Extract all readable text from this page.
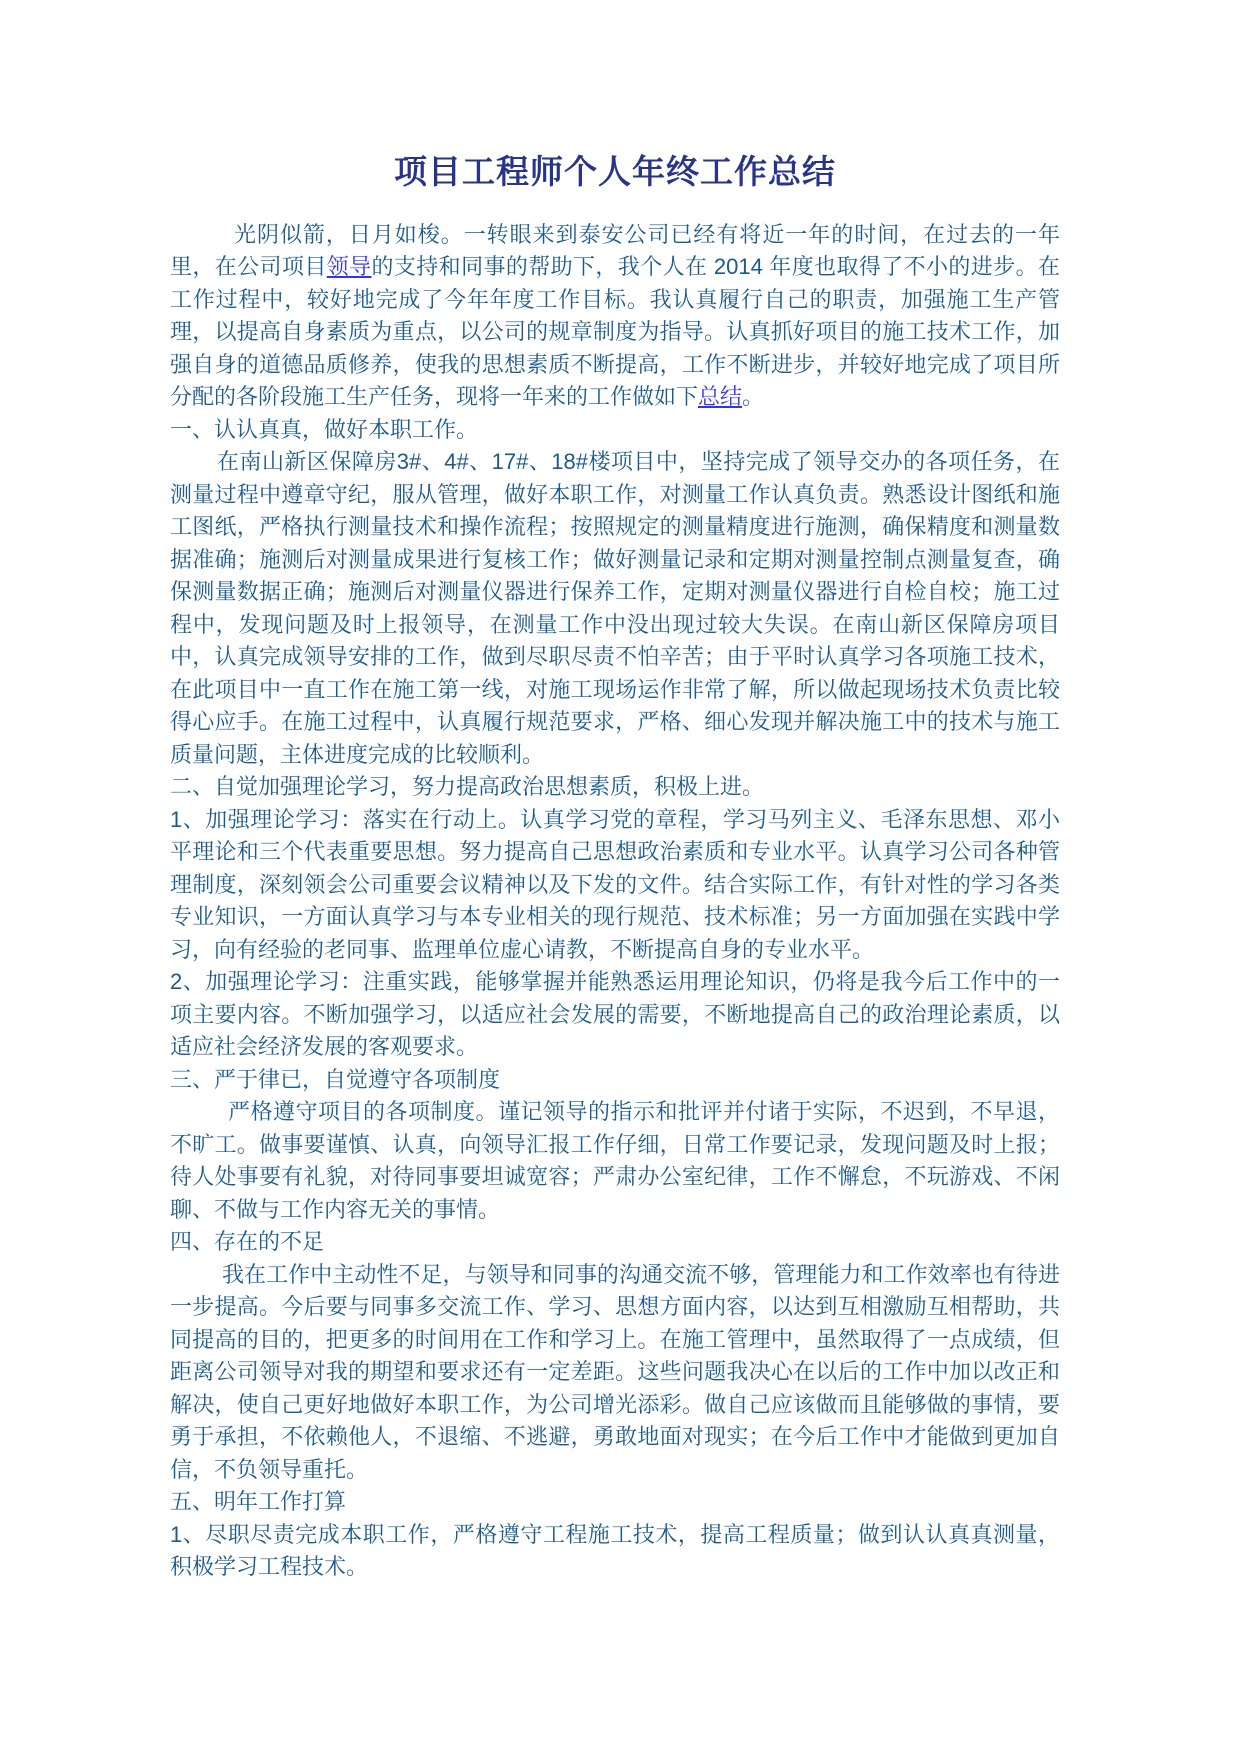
项目工程师个人年终工作总结

光阴似箭，日月如梭。一转眼来到泰安公司已经有将近一年的时间，在过去的一年里，在公司项目领导的支持和同事的帮助下，我个人在 2014 年度也取得了不小的进步。在工作过程中，较好地完成了今年年度工作目标。我认真履行自己的职责，加强施工生产管理，以提高自身素质为重点，以公司的规章制度为指导。认真抓好项目的施工技术工作，加强自身的道德品质修养，使我的思想素质不断提高，工作不断进步，并较好地完成了项目所分配的各阶段施工生产任务，现将一年来的工作做如下总结。

一、认认真真，做好本职工作。

在南山新区保障房3#、4#、17#、18#楼项目中，坚持完成了领导交办的各项任务，在测量过程中遵章守纪，服从管理，做好本职工作，对测量工作认真负责。熟悉设计图纸和施工图纸，严格执行测量技术和操作流程；按照规定的测量精度进行施测，确保精度和测量数据准确；施测后对测量成果进行复核工作；做好测量记录和定期对测量控制点测量复查，确保测量数据正确；施测后对测量仪器进行保养工作，定期对测量仪器进行自检自校；施工过程中，发现问题及时上报领导，在测量工作中没出现过较大失误。在南山新区保障房项目中，认真完成领导安排的工作，做到尽职尽责不怕辛苦；由于平时认真学习各项施工技术，在此项目中一直工作在施工第一线，对施工现场运作非常了解，所以做起现场技术负责比较得心应手。在施工过程中，认真履行规范要求，严格、细心发现并解决施工中的技术与施工质量问题，主体进度完成的比较顺利。

二、自觉加强理论学习，努力提高政治思想素质，积极上进。

1、加强理论学习：落实在行动上。认真学习党的章程，学习马列主义、毛泽东思想、邓小平理论和三个代表重要思想。努力提高自己思想政治素质和专业水平。认真学习公司各种管理制度，深刻领会公司重要会议精神以及下发的文件。结合实际工作，有针对性的学习各类专业知识，一方面认真学习与本专业相关的现行规范、技术标准；另一方面加强在实践中学习，向有经验的老同事、监理单位虚心请教，不断提高自身的专业水平。

2、加强理论学习：注重实践，能够掌握并能熟悉运用理论知识，仍将是我今后工作中的一项主要内容。不断加强学习，以适应社会发展的需要，不断地提高自己的政治理论素质，以适应社会经济发展的客观要求。

三、严于律已，自觉遵守各项制度

严格遵守项目的各项制度。谨记领导的指示和批评并付诸于实际，不迟到，不早退，不旷工。做事要谨慎、认真，向领导汇报工作仔细，日常工作要记录，发现问题及时上报；待人处事要有礼貌，对待同事要坦诚宽容；严肃办公室纪律，工作不懈怠，不玩游戏、不闲聊、不做与工作内容无关的事情。

四、存在的不足

我在工作中主动性不足，与领导和同事的沟通交流不够，管理能力和工作效率也有待进一步提高。今后要与同事多交流工作、学习、思想方面内容，以达到互相激励互相帮助，共同提高的目的，把更多的时间用在工作和学习上。在施工管理中，虽然取得了一点成绩，但距离公司领导对我的期望和要求还有一定差距。这些问题我决心在以后的工作中加以改正和解决，使自己更好地做好本职工作，为公司增光添彩。做自己应该做而且能够做的事情，要勇于承担，不依赖他人，不退缩、不逃避，勇敢地面对现实；在今后工作中才能做到更加自信，不负领导重托。

五、明年工作打算

1、尽职尽责完成本职工作，严格遵守工程施工技术，提高工程质量；做到认认真真测量，积极学习工程技术。
